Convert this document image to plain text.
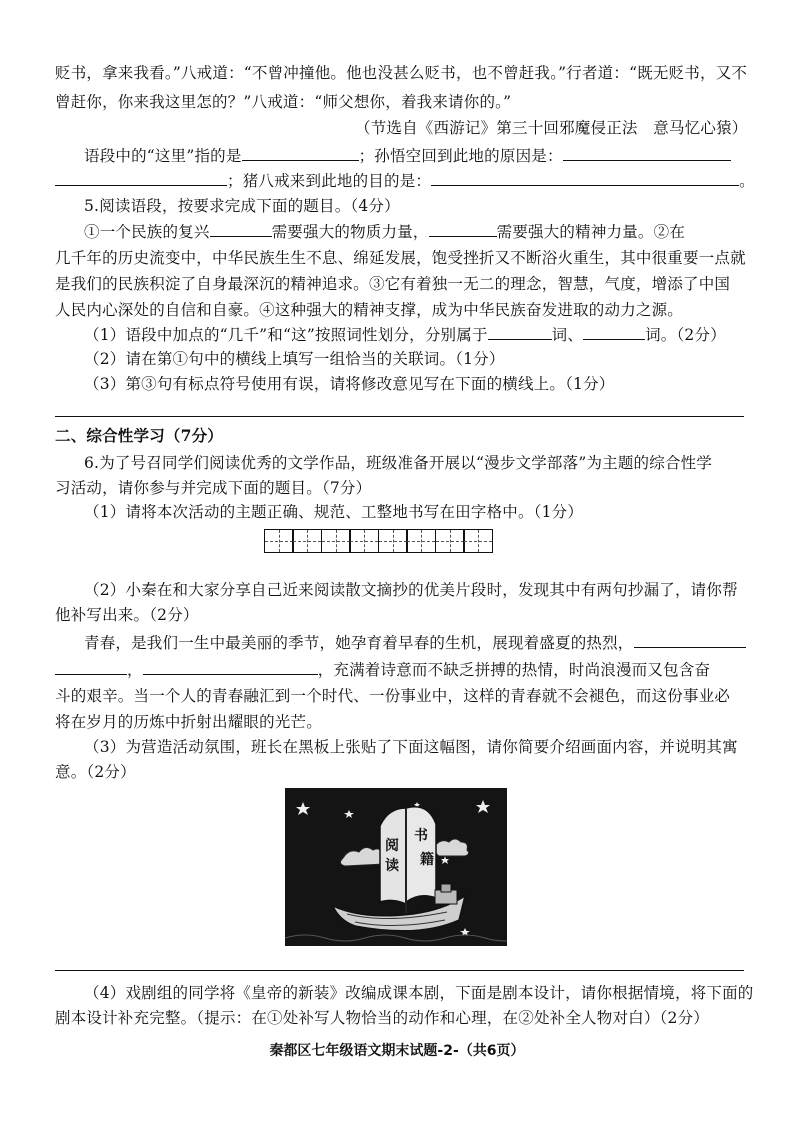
贬书，拿来我看。”八戒道：“不曾冲撞他。他也没甚么贬书，也不曾赶我。”行者道：“既无贬书，又不
曾赶你，你来我这里怎的？”八戒道：“师父想你，着我来请你的。”
（节选自《西游记》第三十回邪魔侵正法　意马忆心猿）
语段中的“这里”指的是	；孙悟空回到此地的原因是：
；猪八戒来到此地的目的是：	。
5.阅读语段，按要求完成下面的题目。（4分）
①一个民族的复兴	需要强大的物质力量，	需要强大的精神力量。②在
几千年的历史流变中，中华民族生生不息、绵延发展，饱受挫折又不断浴火重生，其中很重要一点就
是我们的民族积淀了自身最深沉的精神追求。③它有着独一无二的理念，智慧，气度，增添了中国
人民内心深处的自信和自豪。④这种强大的精神支撑，成为中华民族奋发进取的动力之源。
（1）语段中加点的“几千”和“这”按照词性划分，分别属于	词、	词。（2分）
（2）请在第①句中的横线上填写一组恰当的关联词。（1分）
（3）第③句有标点符号使用有误，请将修改意见写在下面的横线上。（1分）
二、综合性学习（7分）
6.为了号召同学们阅读优秀的文学作品，班级准备开展以“漫步文学部落”为主题的综合性学
习活动，请你参与并完成下面的题目。（7分）
（1）请将本次活动的主题正确、规范、工整地书写在田字格中。（1分）
（2）小秦在和大家分享自己近来阅读散文摘抄的优美片段时，发现其中有两句抄漏了，请你帮
他补写出来。（2分）
青春，是我们一生中最美丽的季节，她孕育着早春的生机，展现着盛夏的热烈，
，	，充满着诗意而不缺乏拼搏的热情，时尚浪漫而又包含奋
斗的艰辛。当一个人的青春融汇到一个时代、一份事业中，这样的青春就不会褪色，而这份事业必
将在岁月的历炼中折射出耀眼的光芒。
（3）为营造活动氛围，班长在黑板上张贴了下面这幅图，请你简要介绍画面内容，并说明其寓
意。（2分）
阅读
书籍
（4）戏剧组的同学将《皇帝的新装》改编成课本剧，下面是剧本设计，请你根据情境，将下面的
剧本设计补充完整。（提示：在①处补写人物恰当的动作和心理，在②处补全人物对白）（2分）
秦都区七年级语文期末试题-2-（共6页）
